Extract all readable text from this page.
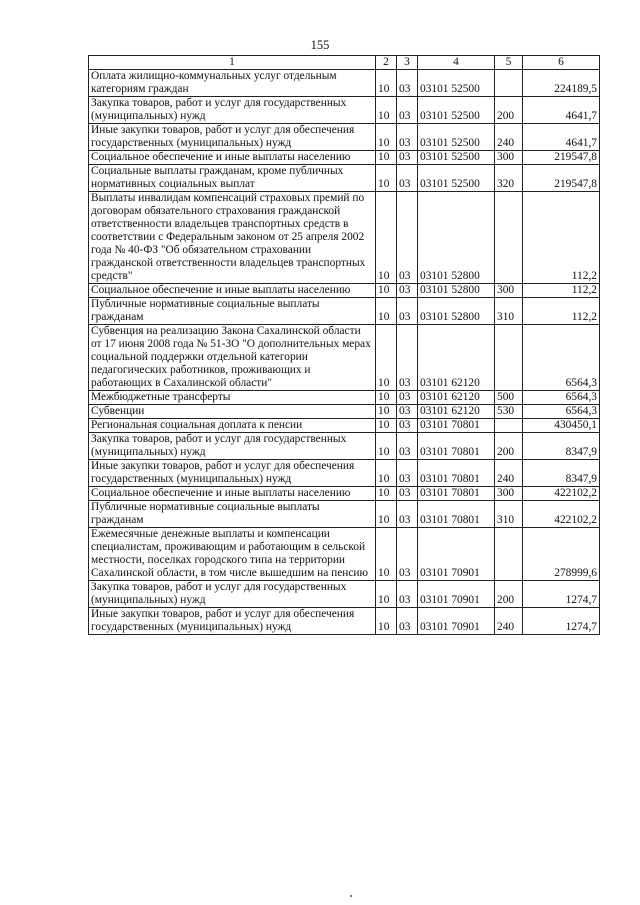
155
1	2	3	4	5	6
Оплата жилищно-коммунальных услуг отдельным категориям граждан	10	03	03101 52500		224189,5
Закупка товаров, работ и услуг для государственных (муниципальных) нужд	10	03	03101 52500	200	4641,7
Иные закупки товаров, работ и услуг для обеспечения государственных (муниципальных) нужд	10	03	03101 52500	240	4641,7
Социальное обеспечение и иные выплаты населению	10	03	03101 52500	300	219547,8
Социальные выплаты гражданам, кроме публичных нормативных социальных выплат	10	03	03101 52500	320	219547,8
Выплаты инвалидам компенсаций страховых премий по договорам обязательного страхования гражданской ответственности владельцев транспортных средств в соответствии с Федеральным законом от 25 апреля 2002 года № 40-ФЗ "Об обязательном страховании гражданской ответственности владельцев транспортных средств"	10	03	03101 52800		112,2
Социальное обеспечение и иные выплаты населению	10	03	03101 52800	300	112,2
Публичные нормативные социальные выплаты гражданам	10	03	03101 52800	310	112,2
Субвенция на реализацию Закона Сахалинской области от 17 июня 2008 года № 51-ЗО "О дополнительных мерах социальной поддержки отдельной категории педагогических работников, проживающих и работающих в Сахалинской области"	10	03	03101 62120		6564,3
Межбюджетные трансферты	10	03	03101 62120	500	6564,3
Субвенции	10	03	03101 62120	530	6564,3
Региональная социальная доплата к пенсии	10	03	03101 70801		430450,1
Закупка товаров, работ и услуг для государственных (муниципальных) нужд	10	03	03101 70801	200	8347,9
Иные закупки товаров, работ и услуг для обеспечения государственных (муниципальных) нужд	10	03	03101 70801	240	8347,9
Социальное обеспечение и иные выплаты населению	10	03	03101 70801	300	422102,2
Публичные нормативные социальные выплаты гражданам	10	03	03101 70801	310	422102,2
Ежемесячные денежные выплаты и компенсации специалистам, проживающим и работающим в сельской местности, поселках городского типа на территории Сахалинской области, в том числе вышедшим на пенсию	10	03	03101 70901		278999,6
Закупка товаров, работ и услуг для государственных (муниципальных) нужд	10	03	03101 70901	200	1274,7
Иные закупки товаров, работ и услуг для обеспечения государственных (муниципальных) нужд	10	03	03101 70901	240	1274,7
